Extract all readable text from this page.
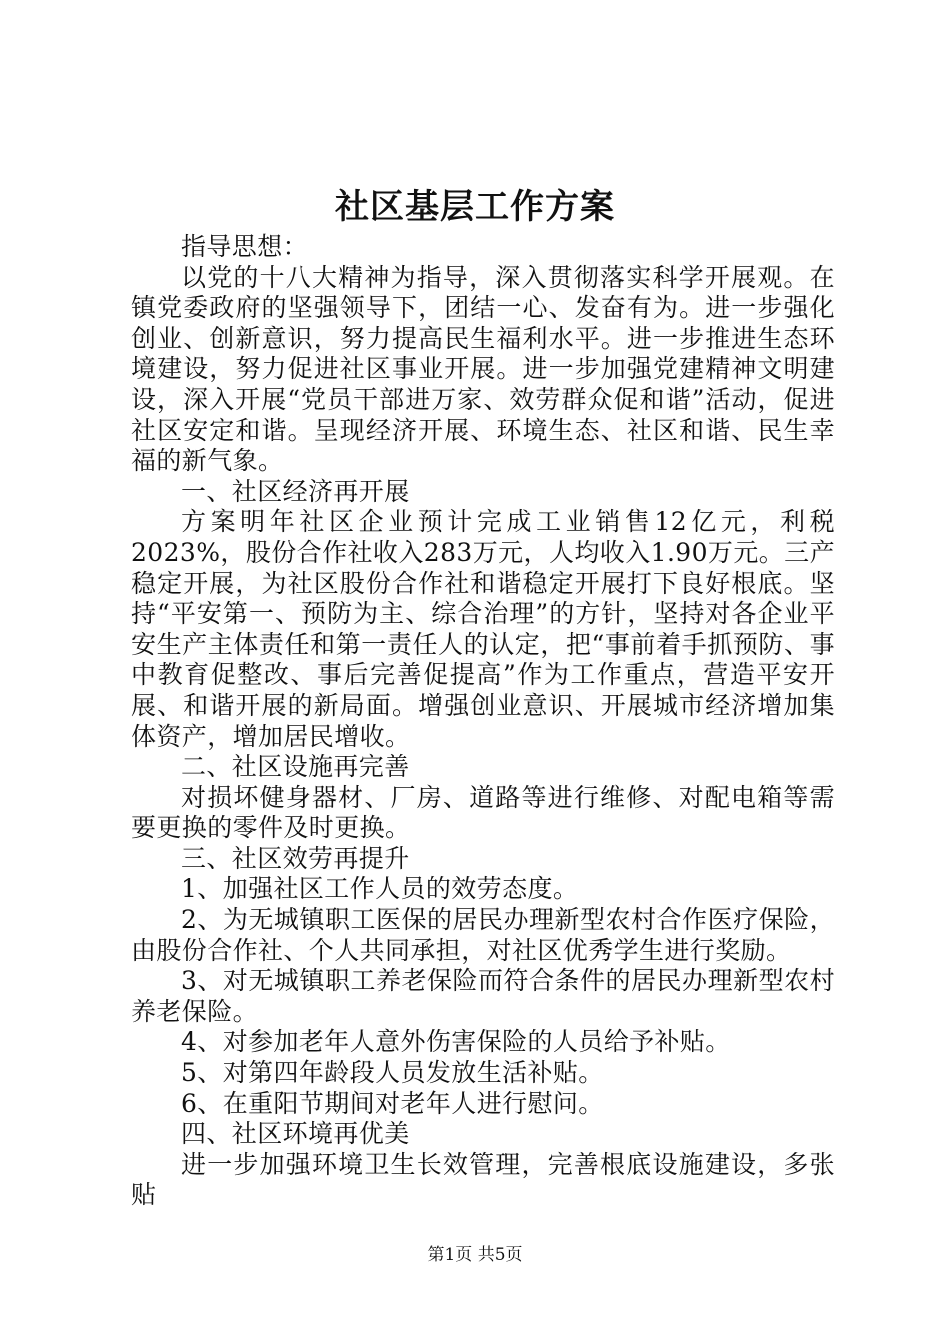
社区基层工作方案

指导思想：

以党的十八大精神为指导，深入贯彻落实科学开展观。在镇党委政府的坚强领导下，团结一心、发奋有为。进一步强化创业、创新意识，努力提高民生福利水平。进一步推进生态环境建设，努力促进社区事业开展。进一步加强党建精神文明建设，深入开展“党员干部进万家、效劳群众促和谐”活动，促进社区安定和谐。呈现经济开展、环境生态、社区和谐、民生幸福的新气象。

一、社区经济再开展

方案明年社区企业预计完成工业销售12亿元，利税2023%，股份合作社收入283万元，人均收入1.90万元。三产稳定开展，为社区股份合作社和谐稳定开展打下良好根底。坚持“平安第一、预防为主、综合治理”的方针，坚持对各企业平安生产主体责任和第一责任人的认定，把“事前着手抓预防、事中教育促整改、事后完善促提高”作为工作重点，营造平安开展、和谐开展的新局面。增强创业意识、开展城市经济增加集体资产，增加居民增收。

二、社区设施再完善

对损坏健身器材、厂房、道路等进行维修、对配电箱等需要更换的零件及时更换。

三、社区效劳再提升

1、加强社区工作人员的效劳态度。

2、为无城镇职工医保的居民办理新型农村合作医疗保险，由股份合作社、个人共同承担，对社区优秀学生进行奖励。

3、对无城镇职工养老保险而符合条件的居民办理新型农村养老保险。

4、对参加老年人意外伤害保险的人员给予补贴。

5、对第四年龄段人员发放生活补贴。

6、在重阳节期间对老年人进行慰问。

四、社区环境再优美

进一步加强环境卫生长效管理，完善根底设施建设，多张贴

第1页 共5页
